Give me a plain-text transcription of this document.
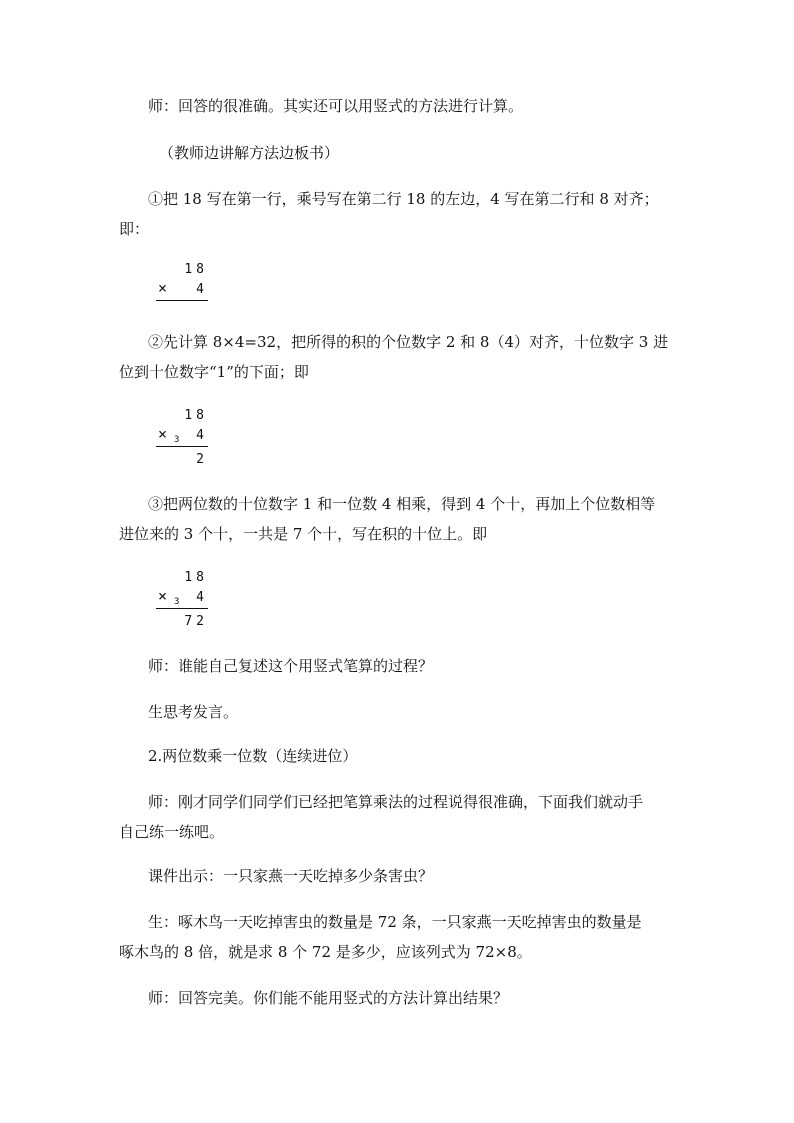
师：回答的很准确。其实还可以用竖式的方法进行计算。

（教师边讲解方法边板书）

①把 18 写在第一行，乘号写在第二行 18 的左边，4 写在第二行和 8 对齐；

即：

18
× 4

②先计算 8×4=32，把所得的积的个位数字 2 和 8（4）对齐，十位数字 3 进

位到十位数字“1”的下面；即

18
× 3 4
2

③把两位数的十位数字 1 和一位数 4 相乘，得到 4 个十，再加上个位数相等

进位来的 3 个十，一共是 7 个十，写在积的十位上。即

18
× 3 4
72

师：谁能自己复述这个用竖式笔算的过程？

生思考发言。

2.两位数乘一位数（连续进位）

师：刚才同学们同学们已经把笔算乘法的过程说得很准确，下面我们就动手

自己练一练吧。

课件出示：一只家燕一天吃掉多少条害虫？

生：啄木鸟一天吃掉害虫的数量是 72 条，一只家燕一天吃掉害虫的数量是

啄木鸟的 8 倍，就是求 8 个 72 是多少，应该列式为 72×8。

师：回答完美。你们能不能用竖式的方法计算出结果？
